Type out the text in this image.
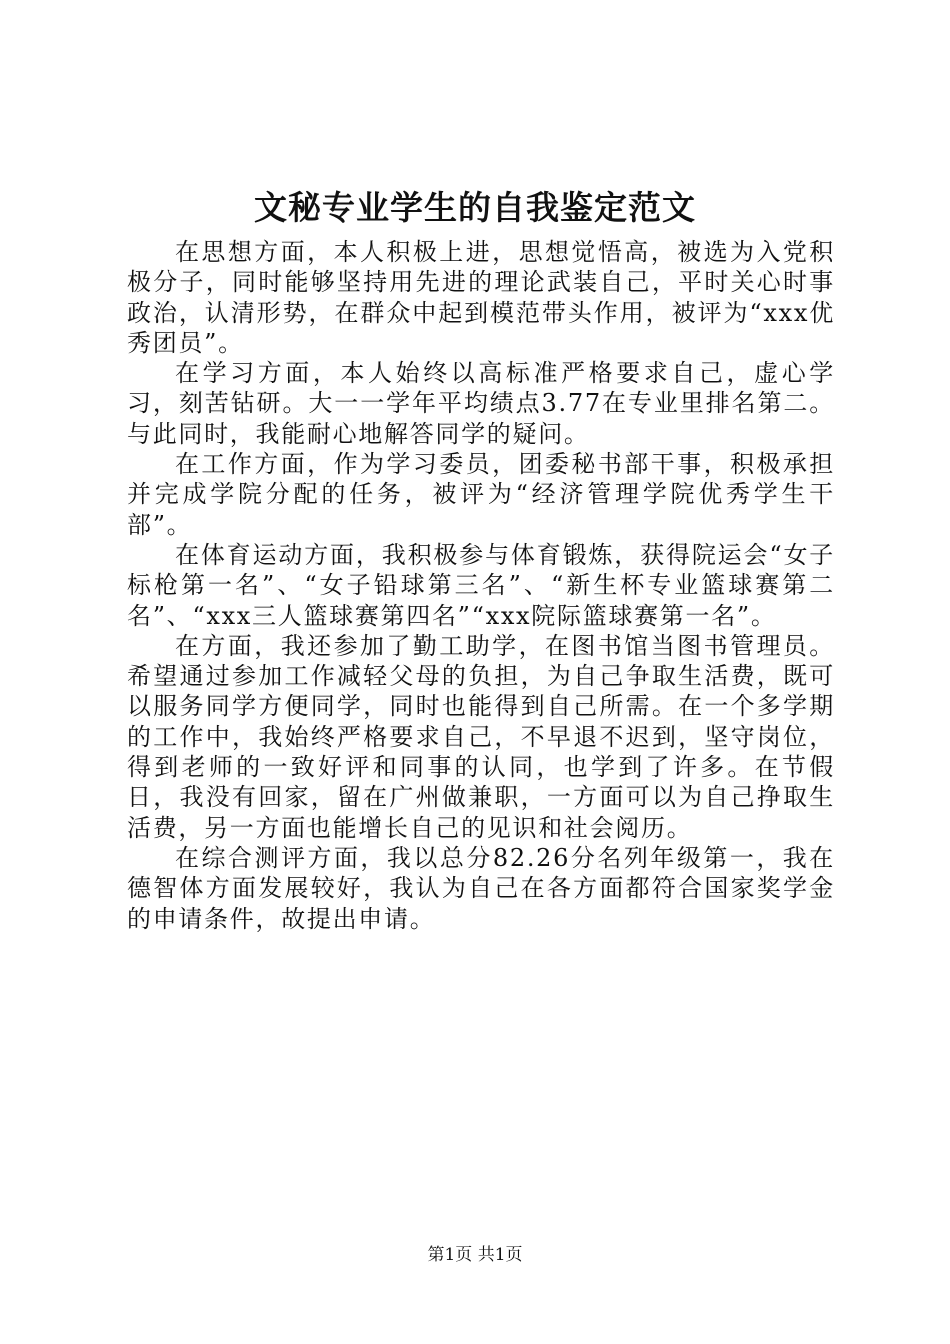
文秘专业学生的自我鉴定范文

在思想方面，本人积极上进，思想觉悟高，被选为入党积极分子，同时能够坚持用先进的理论武装自己，平时关心时事政治，认清形势，在群众中起到模范带头作用，被评为“xxx优秀团员”。

在学习方面，本人始终以高标准严格要求自己，虚心学习，刻苦钻研。大一一学年平均绩点3.77在专业里排名第二。与此同时，我能耐心地解答同学的疑问。

在工作方面，作为学习委员，团委秘书部干事，积极承担并完成学院分配的任务，被评为“经济管理学院优秀学生干部”。

在体育运动方面，我积极参与体育锻炼，获得院运会“女子标枪第一名”、“女子铅球第三名”、“新生杯专业篮球赛第二名”、“xxx三人篮球赛第四名”“xxx院际篮球赛第一名”。

在方面，我还参加了勤工助学，在图书馆当图书管理员。希望通过参加工作减轻父母的负担，为自己争取生活费，既可以服务同学方便同学，同时也能得到自己所需。在一个多学期的工作中，我始终严格要求自己，不早退不迟到，坚守岗位，得到老师的一致好评和同事的认同，也学到了许多。在节假日，我没有回家，留在广州做兼职，一方面可以为自己挣取生活费，另一方面也能增长自己的见识和社会阅历。

在综合测评方面，我以总分82.26分名列年级第一，我在德智体方面发展较好，我认为自己在各方面都符合国家奖学金的申请条件，故提出申请。

第1页 共1页
